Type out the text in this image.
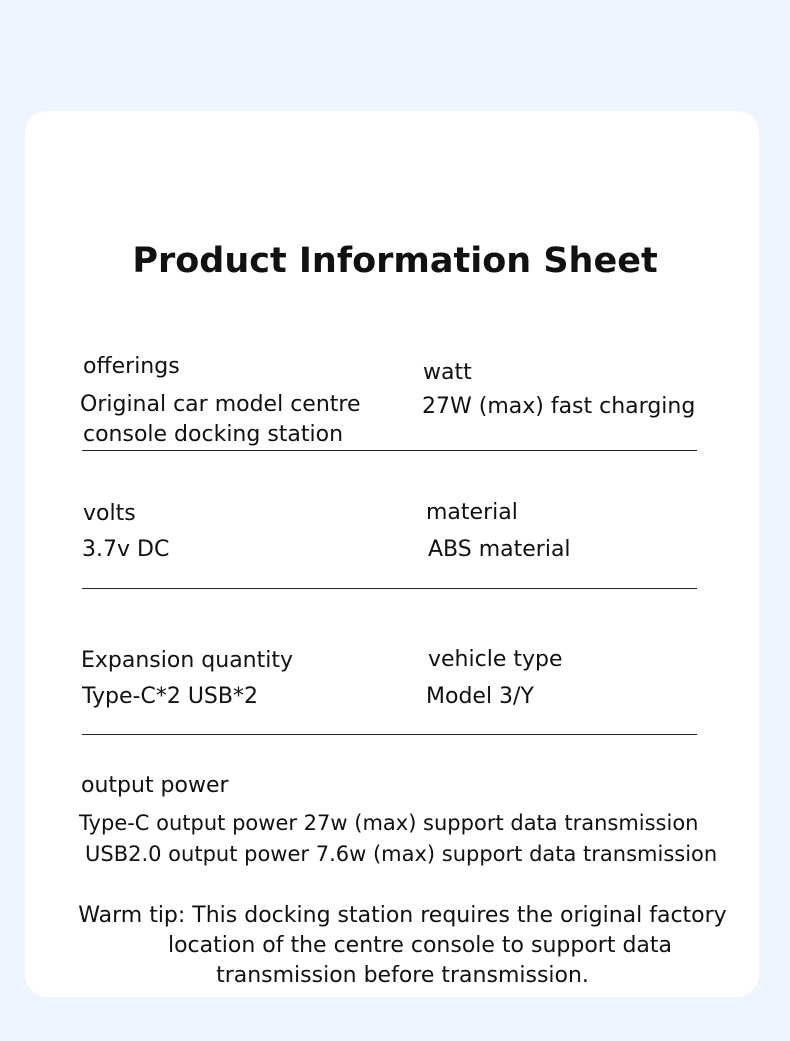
Product Information Sheet
offerings
Original car model centre
console docking station
watt
27W (max) fast charging
volts
3.7v DC
material
ABS material
Expansion quantity
Type-C*2 USB*2
vehicle type
Model 3/Y
output power
Type-C output power 27w (max) support data transmission
USB2.0 output power 7.6w (max) support data transmission
Warm tip: This docking station requires the original factory
location of the centre console to support data
transmission before transmission.
